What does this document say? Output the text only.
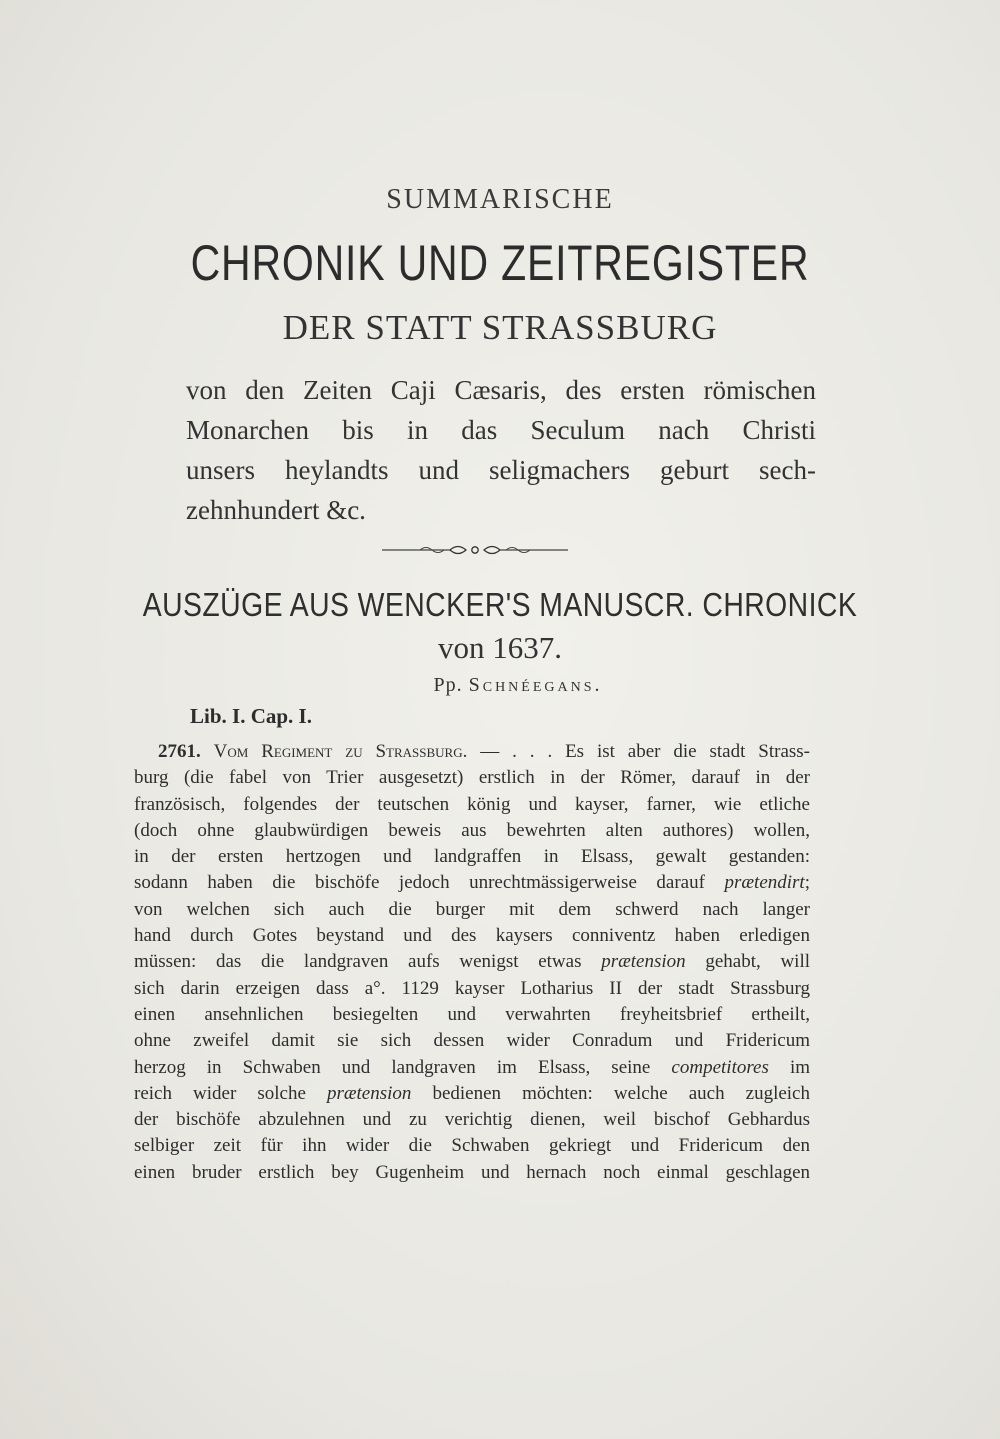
SUMMARISCHE
CHRONIK UND ZEITREGISTER
DER STATT STRASSBURG
von den Zeiten Caji Cæsaris, des ersten römischen
Monarchen bis in das Seculum nach Christi
unsers heylandts und seligmachers geburt sech-
zehnhundert &c.
AUSZÜGE AUS WENCKER'S MANUSCR. CHRONICK
von 1637.
Pp. Schnéegans.
Lib. I. Cap. I.
2761. Vom Regiment zu Strassburg. — . . . Es ist aber die stadt Strass-
burg (die fabel von Trier ausgesetzt) erstlich in der Römer, darauf in der
französisch, folgendes der teutschen könig und kayser, farner, wie etliche
(doch ohne glaubwürdigen beweis aus bewehrten alten authores) wollen,
in der ersten hertzogen und landgraffen in Elsass, gewalt gestanden:
sodann haben die bischöfe jedoch unrechtmässigerweise darauf prætendirt;
von welchen sich auch die burger mit dem schwerd nach langer
hand durch Gotes beystand und des kaysers conniventz haben erledigen
müssen: das die landgraven aufs wenigst etwas prætension gehabt, will
sich darin erzeigen dass a°. 1129 kayser Lotharius II der stadt Strassburg
einen ansehnlichen besiegelten und verwahrten freyheitsbrief ertheilt,
ohne zweifel damit sie sich dessen wider Conradum und Fridericum
herzog in Schwaben und landgraven im Elsass, seine competitores im
reich wider solche prætension bedienen möchten: welche auch zugleich
der bischöfe abzulehnen und zu verichtig dienen, weil bischof Gebhardus
selbiger zeit für ihn wider die Schwaben gekriegt und Fridericum den
einen bruder erstlich bey Gugenheim und hernach noch einmal geschlagen
